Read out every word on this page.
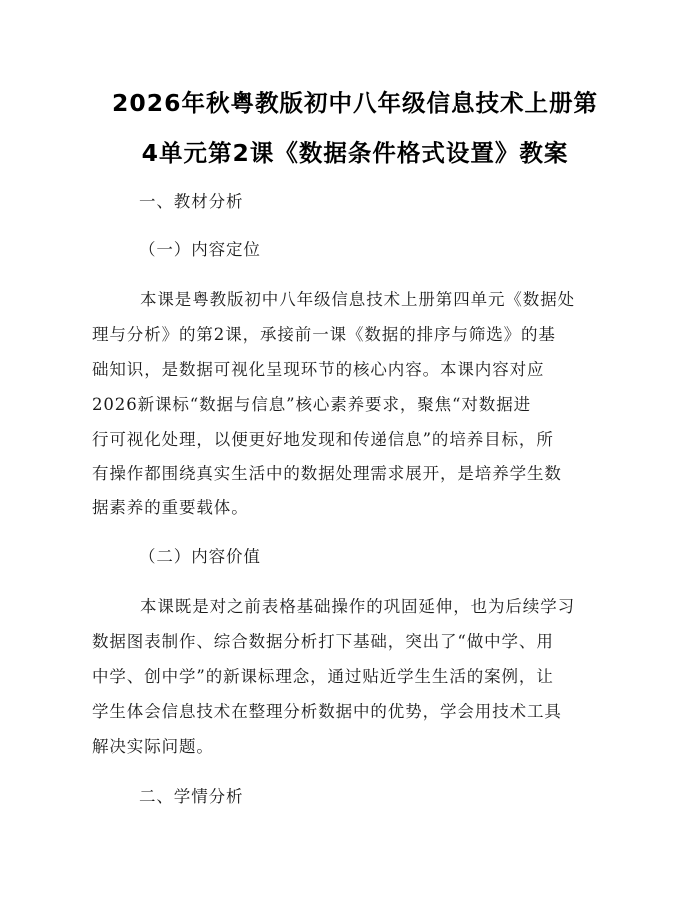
2026年秋粤教版初中八年级信息技术上册第
4单元第2课《数据条件格式设置》教案
一、教材分析
（一）内容定位
本课是粤教版初中八年级信息技术上册第四单元《数据处
理与分析》的第2课，承接前一课《数据的排序与筛选》的基
础知识，是数据可视化呈现环节的核心内容。本课内容对应
2026新课标“数据与信息”核心素养要求，聚焦“对数据进
行可视化处理，以便更好地发现和传递信息”的培养目标，所
有操作都围绕真实生活中的数据处理需求展开，是培养学生数
据素养的重要载体。
（二）内容价值
本课既是对之前表格基础操作的巩固延伸，也为后续学习
数据图表制作、综合数据分析打下基础，突出了“做中学、用
中学、创中学”的新课标理念，通过贴近学生生活的案例，让
学生体会信息技术在整理分析数据中的优势，学会用技术工具
解决实际问题。
二、学情分析
